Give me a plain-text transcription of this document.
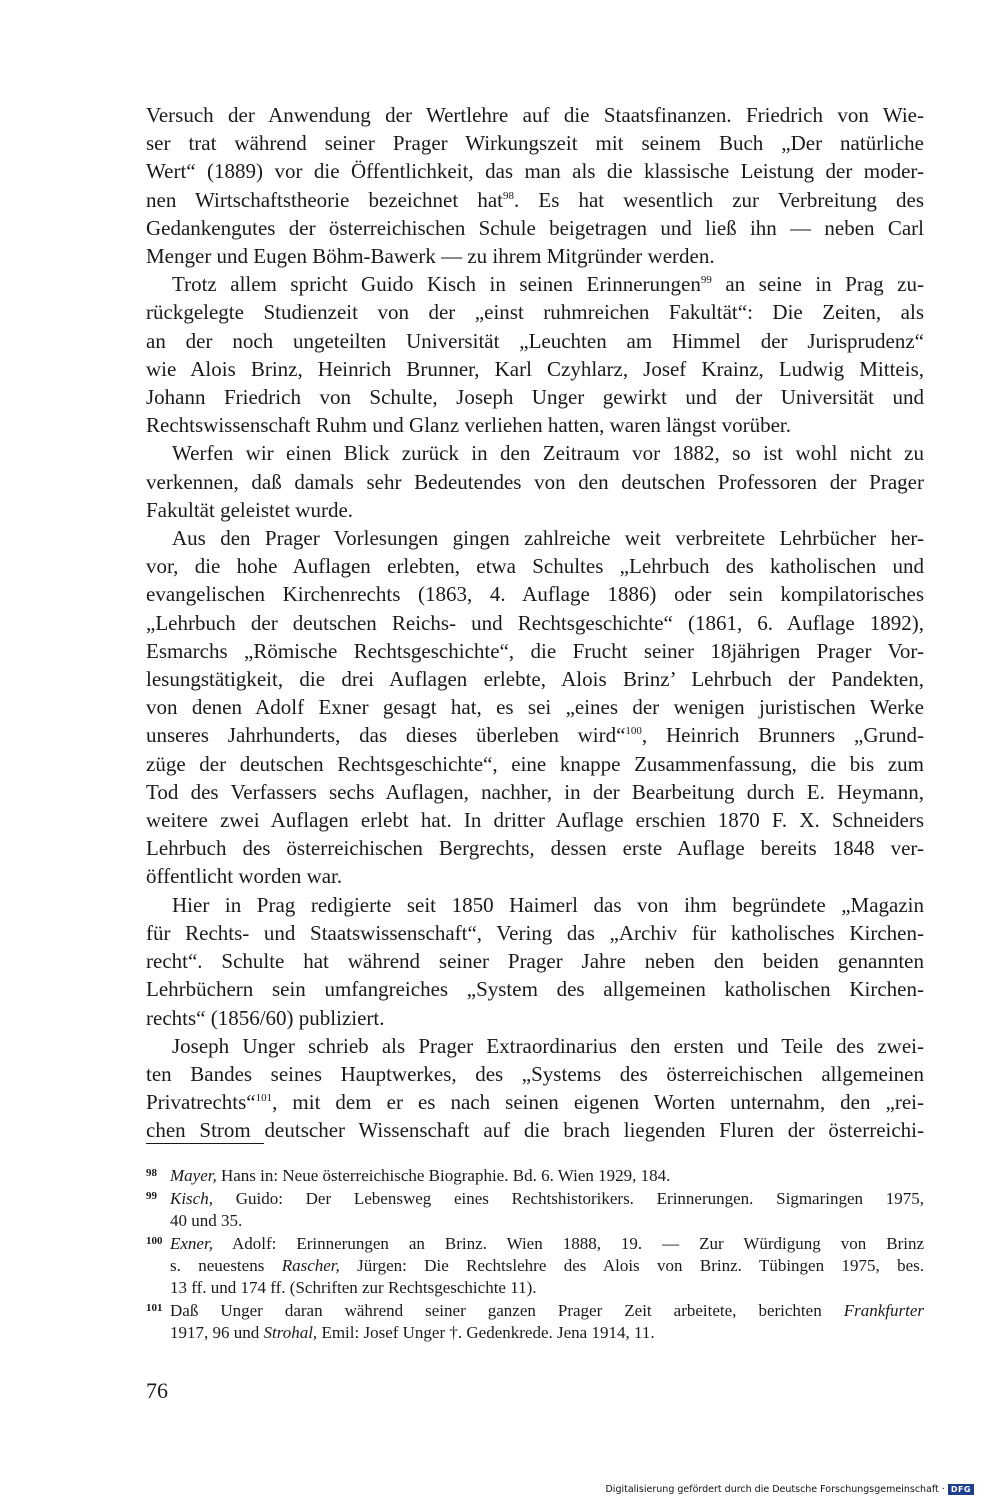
Versuch der Anwendung der Wertlehre auf die Staatsfinanzen. Friedrich von Wie-

ser trat während seiner Prager Wirkungszeit mit seinem Buch „Der natürliche

Wert“ (1889) vor die Öffentlichkeit, das man als die klassische Leistung der moder-

nen Wirtschaftstheorie bezeichnet hat$^{98}$. Es hat wesentlich zur Verbreitung des

Gedankengutes der österreichischen Schule beigetragen und ließ ihn — neben Carl

Menger und Eugen Böhm-Bawerk — zu ihrem Mitgründer werden.

Trotz allem spricht Guido Kisch in seinen Erinnerungen$^{99}$ an seine in Prag zu-

rückgelegte Studienzeit von der „einst ruhmreichen Fakultät“: Die Zeiten, als

an der noch ungeteilten Universität „Leuchten am Himmel der Jurisprudenz“

wie Alois Brinz, Heinrich Brunner, Karl Czyhlarz, Josef Krainz, Ludwig Mitteis,

Johann Friedrich von Schulte, Joseph Unger gewirkt und der Universität und

Rechtswissenschaft Ruhm und Glanz verliehen hatten, waren längst vorüber.

Werfen wir einen Blick zurück in den Zeitraum vor 1882, so ist wohl nicht zu

verkennen, daß damals sehr Bedeutendes von den deutschen Professoren der Prager

Fakultät geleistet wurde.

Aus den Prager Vorlesungen gingen zahlreiche weit verbreitete Lehrbücher her-

vor, die hohe Auflagen erlebten, etwa Schultes „Lehrbuch des katholischen und

evangelischen Kirchenrechts (1863, 4. Auflage 1886) oder sein kompilatorisches

„Lehrbuch der deutschen Reichs- und Rechtsgeschichte“ (1861, 6. Auflage 1892),

Esmarchs „Römische Rechtsgeschichte“, die Frucht seiner 18jährigen Prager Vor-

lesungstätigkeit, die drei Auflagen erlebte, Alois Brinz’ Lehrbuch der Pandekten,

von denen Adolf Exner gesagt hat, es sei „eines der wenigen juristischen Werke

unseres Jahrhunderts, das dieses überleben wird“$^{100}$, Heinrich Brunners „Grund-

züge der deutschen Rechtsgeschichte“, eine knappe Zusammenfassung, die bis zum

Tod des Verfassers sechs Auflagen, nachher, in der Bearbeitung durch E. Heymann,

weitere zwei Auflagen erlebt hat. In dritter Auflage erschien 1870 F. X. Schneiders

Lehrbuch des österreichischen Bergrechts, dessen erste Auflage bereits 1848 ver-

öffentlicht worden war.

Hier in Prag redigierte seit 1850 Haimerl das von ihm begründete „Magazin

für Rechts- und Staatswissenschaft“, Vering das „Archiv für katholisches Kirchen-

recht“. Schulte hat während seiner Prager Jahre neben den beiden genannten

Lehrbüchern sein umfangreiches „System des allgemeinen katholischen Kirchen-

rechts“ (1856/60) publiziert.

Joseph Unger schrieb als Prager Extraordinarius den ersten und Teile des zwei-

ten Bandes seines Hauptwerkes, des „Systems des österreichischen allgemeinen

Privatrechts“$^{101}$, mit dem er es nach seinen eigenen Worten unternahm, den „rei-

chen Strom deutscher Wissenschaft auf die brach liegenden Fluren der österreichi-

98 Mayer, Hans in: Neue österreichische Biographie. Bd. 6. Wien 1929, 184.

99 Kisch, Guido: Der Lebensweg eines Rechtshistorikers. Erinnerungen. Sigmaringen 1975,

40 und 35.

100 Exner, Adolf: Erinnerungen an Brinz. Wien 1888, 19. — Zur Würdigung von Brinz

s. neuestens Rascher, Jürgen: Die Rechtslehre des Alois von Brinz. Tübingen 1975, bes.

13 ff. und 174 ff. (Schriften zur Rechtsgeschichte 11).

101 Daß Unger daran während seiner ganzen Prager Zeit arbeitete, berichten Frankfurter

1917, 96 und Strohal, Emil: Josef Unger †. Gedenkrede. Jena 1914, 11.

76
Digitalisierung gefördert durch die Deutsche Forschungsgemeinschaft · DFG
